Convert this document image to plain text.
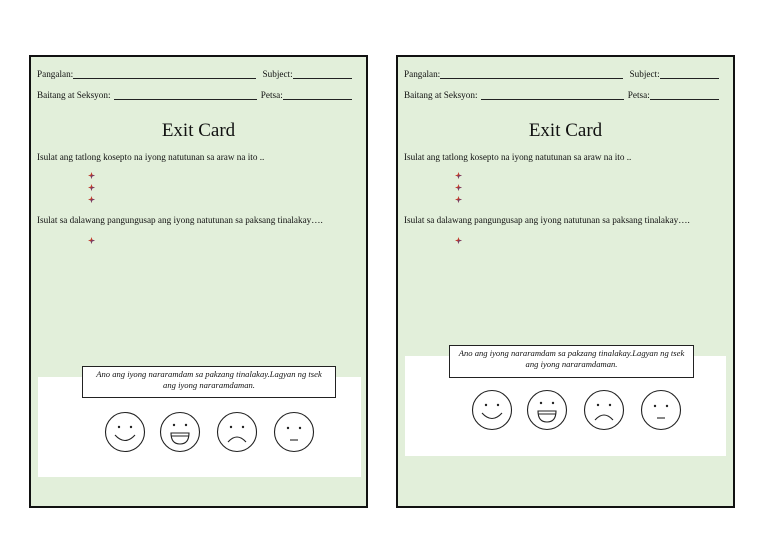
Pangalan:	Subject:
Baitang at Seksyon:	Petsa:
Exit Card
Isulat ang tatlong kosepto na iyong natutunan sa araw na ito ..
Isulat sa dalawang pangungusap ang iyong natutunan sa paksang tinalakay….
Ano ang iyong nararamdam sa pakzang tinalakay.Lagyan ng tsek ang iyong nararamdaman.
Pangalan:	Subject:
Baitang at Seksyon:	Petsa:
Exit Card
Isulat ang tatlong kosepto na iyong natutunan sa araw na ito ..
Isulat sa dalawang pangungusap ang iyong natutunan sa paksang tinalakay….
Ano ang iyong nararamdam sa pakzang tinalakay.Lagyan ng tsek ang iyong nararamdaman.
